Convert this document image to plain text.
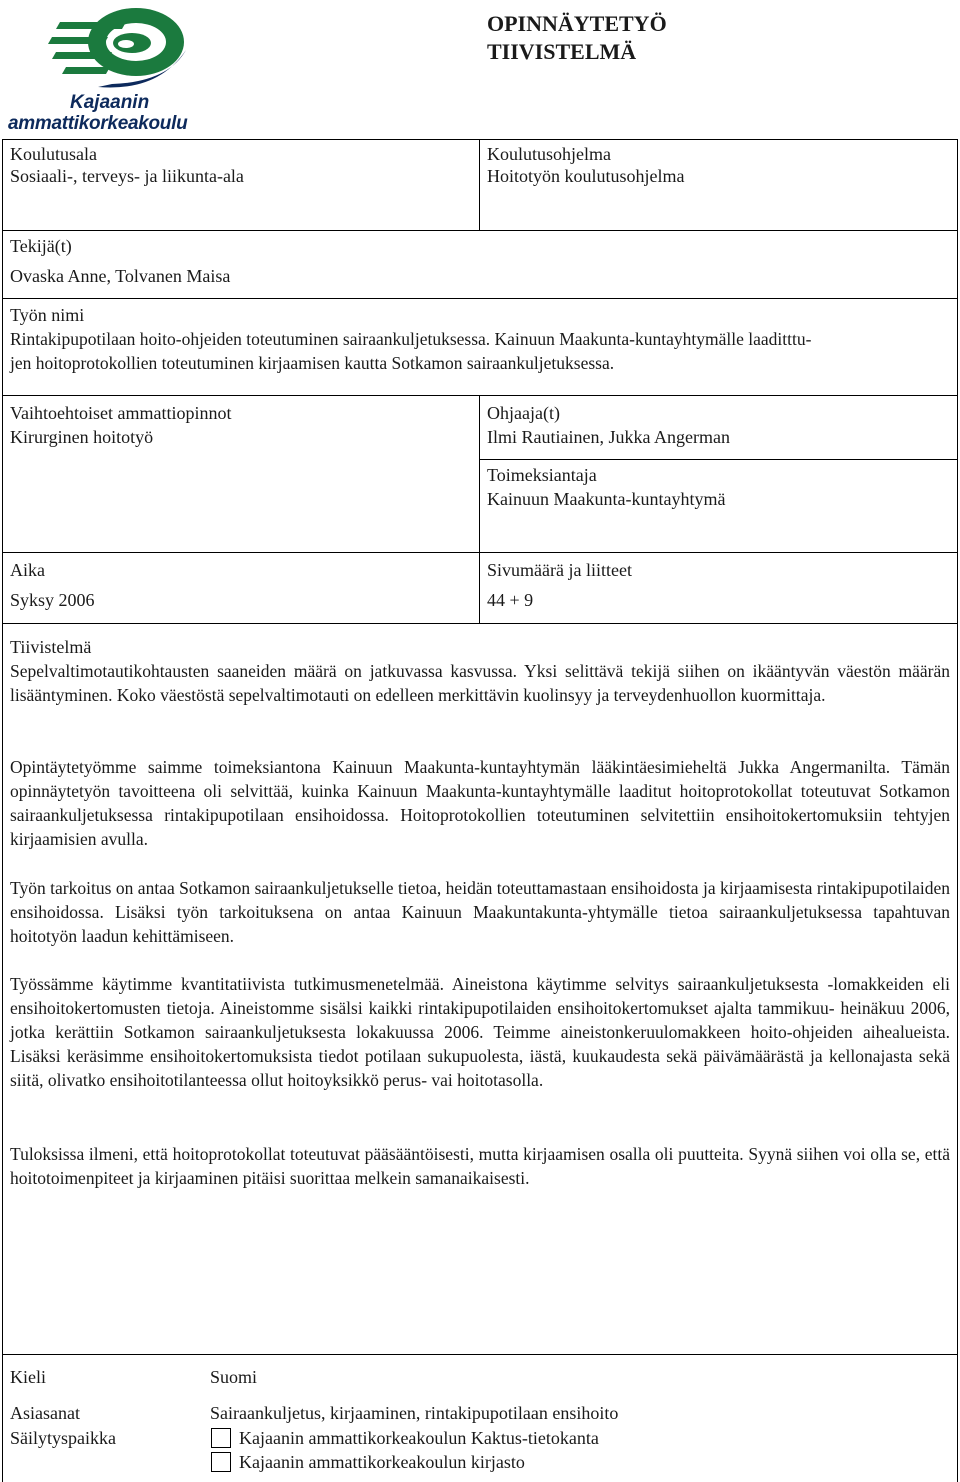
Kajaanin
ammattikorkeakoulu
OPINNÄYTETYÖ
TIIVISTELMÄ
Koulutusala
Sosiaali-, terveys- ja liikunta-ala
Koulutusohjelma
Hoitotyön koulutusohjelma
Tekijä(t)
Ovaska Anne, Tolvanen Maisa
Työn nimi
Rintakipupotilaan hoito-ohjeiden toteutuminen sairaankuljetuksessa. Kainuun Maakunta-kuntayhtymälle laaditttu-
jen hoitoprotokollien toteutuminen kirjaamisen kautta Sotkamon sairaankuljetuksessa.
Vaihtoehtoiset ammattiopinnot
Kirurginen hoitotyö
Ohjaaja(t)
Ilmi Rautiainen, Jukka Angerman
Toimeksiantaja
Kainuun Maakunta-kuntayhtymä
Aika
Syksy 2006
Sivumäärä ja liitteet
44 + 9
Tiivistelmä
Sepelvaltimotautikohtausten saaneiden määrä on jatkuvassa kasvussa. Yksi selittävä tekijä siihen on ikääntyvän väestön määrän lisääntyminen. Koko väestöstä sepelvaltimotauti on edelleen merkittävin kuolinsyy ja terveydenhuollon kuormittaja.
Opintäytetyömme saimme toimeksiantona Kainuun Maakunta-kuntayhtymän lääkintäesimieheltä Jukka Angermanilta. Tämän opinnäytetyön tavoitteena oli selvittää, kuinka Kainuun Maakunta-kuntayhtymälle laaditut hoitoprotokollat toteutuvat Sotkamon sairaankuljetuksessa rintakipupotilaan ensihoidossa. Hoitoprotokollien toteutuminen selvitettiin ensihoitokertomuksiin tehtyjen kirjaamisien avulla.
Työn tarkoitus on antaa Sotkamon sairaankuljetukselle tietoa, heidän toteuttamastaan ensihoidosta ja kirjaamisesta rintakipupotilaiden ensihoidossa. Lisäksi työn tarkoituksena on antaa Kainuun Maakuntakunta-yhtymälle tietoa sairaankuljetuksessa tapahtuvan hoitotyön laadun kehittämiseen.
Työssämme käytimme kvantitatiivista tutkimusmenetelmää. Aineistona käytimme selvitys sairaankuljetuksesta -lomakkeiden eli ensihoitokertomusten tietoja. Aineistomme sisälsi kaikki rintakipupotilaiden ensihoitokertomukset ajalta tammikuu- heinäkuu 2006, jotka kerättiin Sotkamon sairaankuljetuksesta lokakuussa 2006. Teimme aineistonkeruulomakkeen hoito-ohjeiden aihealueista. Lisäksi keräsimme ensihoitokertomuksista tiedot potilaan sukupuolesta, iästä, kuukaudesta sekä päivämäärästä ja kellonajasta sekä siitä, olivatko ensihoitotilanteessa ollut hoitoyksikkö perus- vai hoitotasolla.
Tuloksissa ilmeni, että hoitoprotokollat toteutuvat pääsääntöisesti, mutta kirjaamisen osalla oli puutteita. Syynä siihen voi olla se, että hoitotoimenpiteet ja kirjaaminen pitäisi suorittaa melkein samanaikaisesti.
Kieli	Suomi
Asiasanat	Sairaankuljetus, kirjaaminen, rintakipupotilaan ensihoito
Säilytyspaikka	Kajaanin ammattikorkeakoulun Kaktus-tietokanta
Kajaanin ammattikorkeakoulun kirjasto
